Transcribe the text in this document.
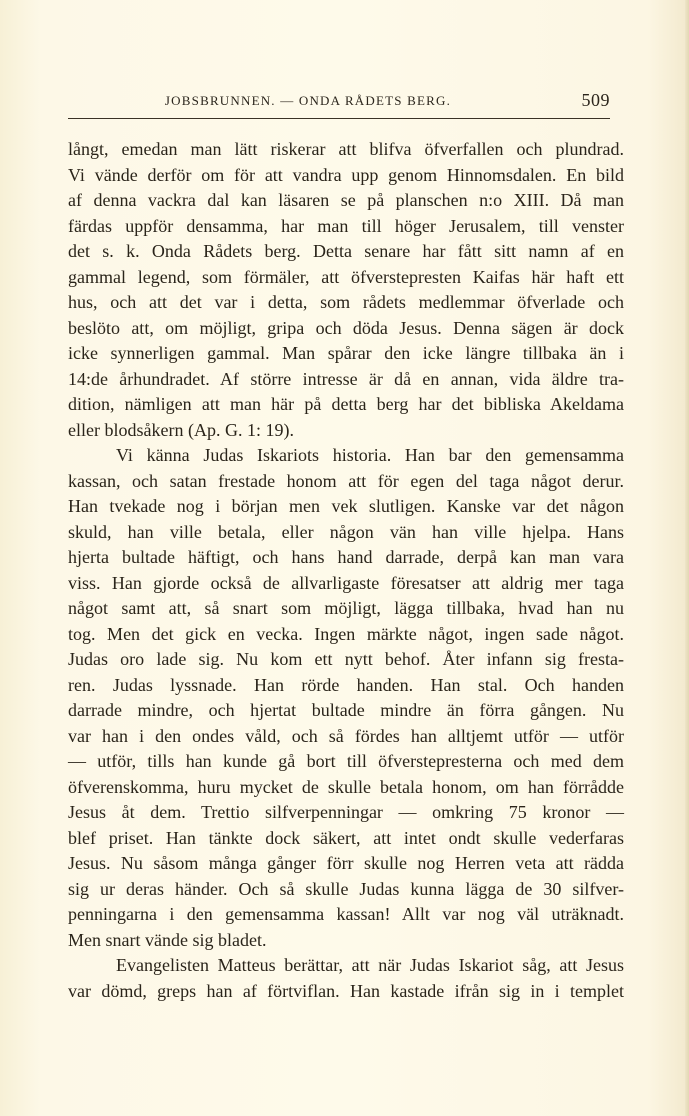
JOBSBRUNNEN. — ONDA RÅDETS BERG.	509
långt, emedan man lätt riskerar att blifva öfverfallen och plundrad.
Vi vände derför om för att vandra upp genom Hinnomsdalen. En bild
af denna vackra dal kan läsaren se på planschen n:o XIII. Då man
färdas uppför densamma, har man till höger Jerusalem, till venster
det s. k. Onda Rådets berg. Detta senare har fått sitt namn af en
gammal legend, som förmäler, att öfverstepresten Kaifas här haft ett
hus, och att det var i detta, som rådets medlemmar öfverlade och
beslöto att, om möjligt, gripa och döda Jesus. Denna sägen är dock
icke synnerligen gammal. Man spårar den icke längre tillbaka än i
14:de århundradet. Af större intresse är då en annan, vida äldre tra-
dition, nämligen att man här på detta berg har det bibliska Akeldama
eller blodsåkern (Ap. G. 1: 19).
Vi känna Judas Iskariots historia. Han bar den gemensamma
kassan, och satan frestade honom att för egen del taga något derur.
Han tvekade nog i början men vek slutligen. Kanske var det någon
skuld, han ville betala, eller någon vän han ville hjelpa. Hans
hjerta bultade häftigt, och hans hand darrade, derpå kan man vara
viss. Han gjorde också de allvarligaste föresatser att aldrig mer taga
något samt att, så snart som möjligt, lägga tillbaka, hvad han nu
tog. Men det gick en vecka. Ingen märkte något, ingen sade något.
Judas oro lade sig. Nu kom ett nytt behof. Åter infann sig fresta-
ren. Judas lyssnade. Han rörde handen. Han stal. Och handen
darrade mindre, och hjertat bultade mindre än förra gången. Nu
var han i den ondes våld, och så fördes han alltjemt utför — utför
— utför, tills han kunde gå bort till öfverstepresterna och med dem
öfverenskomma, huru mycket de skulle betala honom, om han förrådde
Jesus åt dem. Trettio silfverpenningar — omkring 75 kronor —
blef priset. Han tänkte dock säkert, att intet ondt skulle vederfaras
Jesus. Nu såsom många gånger förr skulle nog Herren veta att rädda
sig ur deras händer. Och så skulle Judas kunna lägga de 30 silfver-
penningarna i den gemensamma kassan! Allt var nog väl uträknadt.
Men snart vände sig bladet.
Evangelisten Matteus berättar, att när Judas Iskariot såg, att Jesus
var dömd, greps han af förtviflan. Han kastade ifrån sig in i templet
